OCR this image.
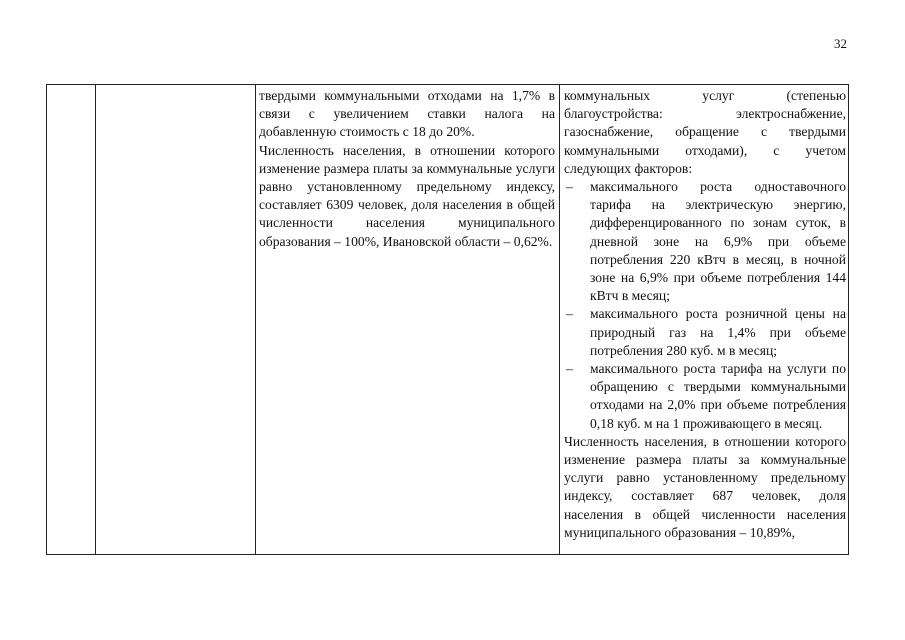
32

твердыми коммунальными отходами на 1,7% в связи с увеличением ставки налога на добавленную стоимость с 18 до 20%.

Численность населения, в отношении которого изменение размера платы за коммунальные услуги равно установленному предельному индексу, составляет 6309 человек, доля населения в общей численности населения муниципального образования – 100%, Ивановской области – 0,62%.

коммунальных услуг (степенью благоустройства: электроснабжение, газоснабжение, обращение с твердыми коммунальными отходами), с учетом следующих факторов:

– максимального роста одноставочного тарифа на электрическую энергию, дифференцированного по зонам суток, в дневной зоне на 6,9% при объеме потребления 220 кВтч в месяц, в ночной зоне на 6,9% при объеме потребления 144 кВтч в месяц;

– максимального роста розничной цены на природный газ на 1,4% при объеме потребления 280 куб. м в месяц;

– максимального роста тарифа на услуги по обращению с твердыми коммунальными отходами на 2,0% при объеме потребления 0,18 куб. м на 1 проживающего в месяц.

Численность населения, в отношении которого изменение размера платы за коммунальные услуги равно установленному предельному индексу, составляет 687 человек, доля населения в общей численности населения муниципального образования – 10,89%,
